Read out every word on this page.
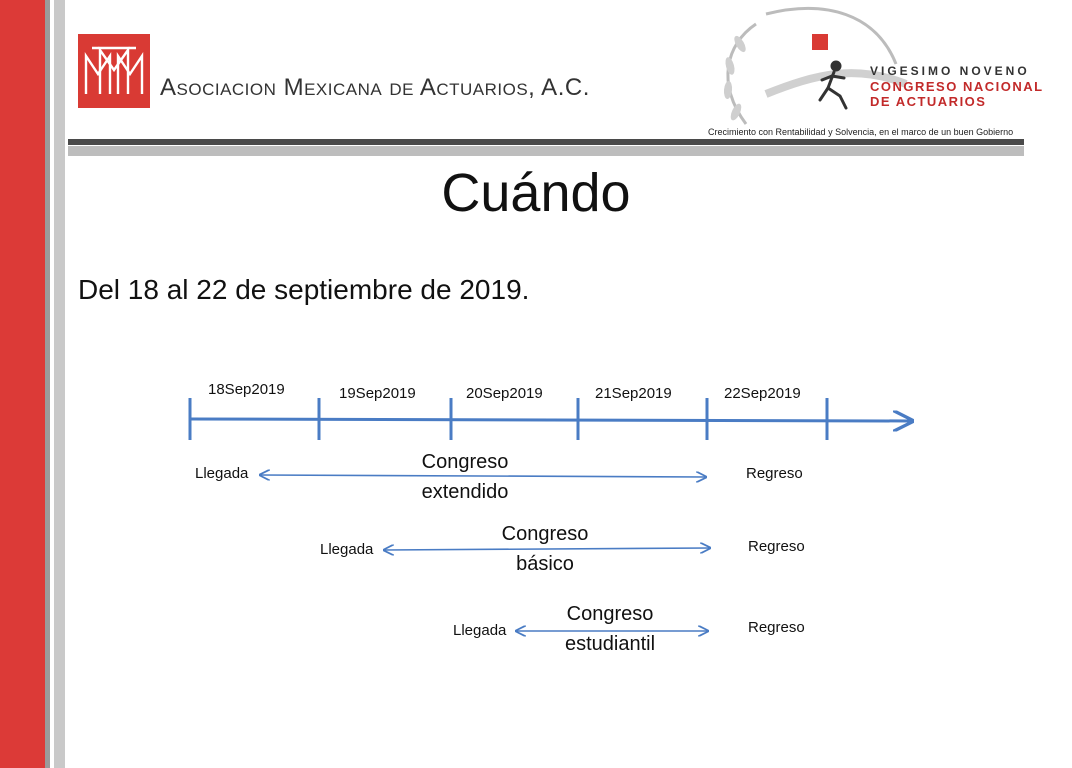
Asociacion Mexicana de Actuarios, A.C.
VIGESIMO NOVENO
CONGRESO NACIONAL
DE ACTUARIOS
Crecimiento con Rentabilidad y Solvencia, en el marco de un buen Gobierno
Cuándo
Del 18 al 22 de septiembre de 2019.
18Sep2019	19Sep2019	20Sep2019	21Sep2019	22Sep2019
Llegada	Regreso
Congreso
extendido
Llegada	Regreso
Congreso
básico
Llegada	Regreso
Congreso
estudiantil
